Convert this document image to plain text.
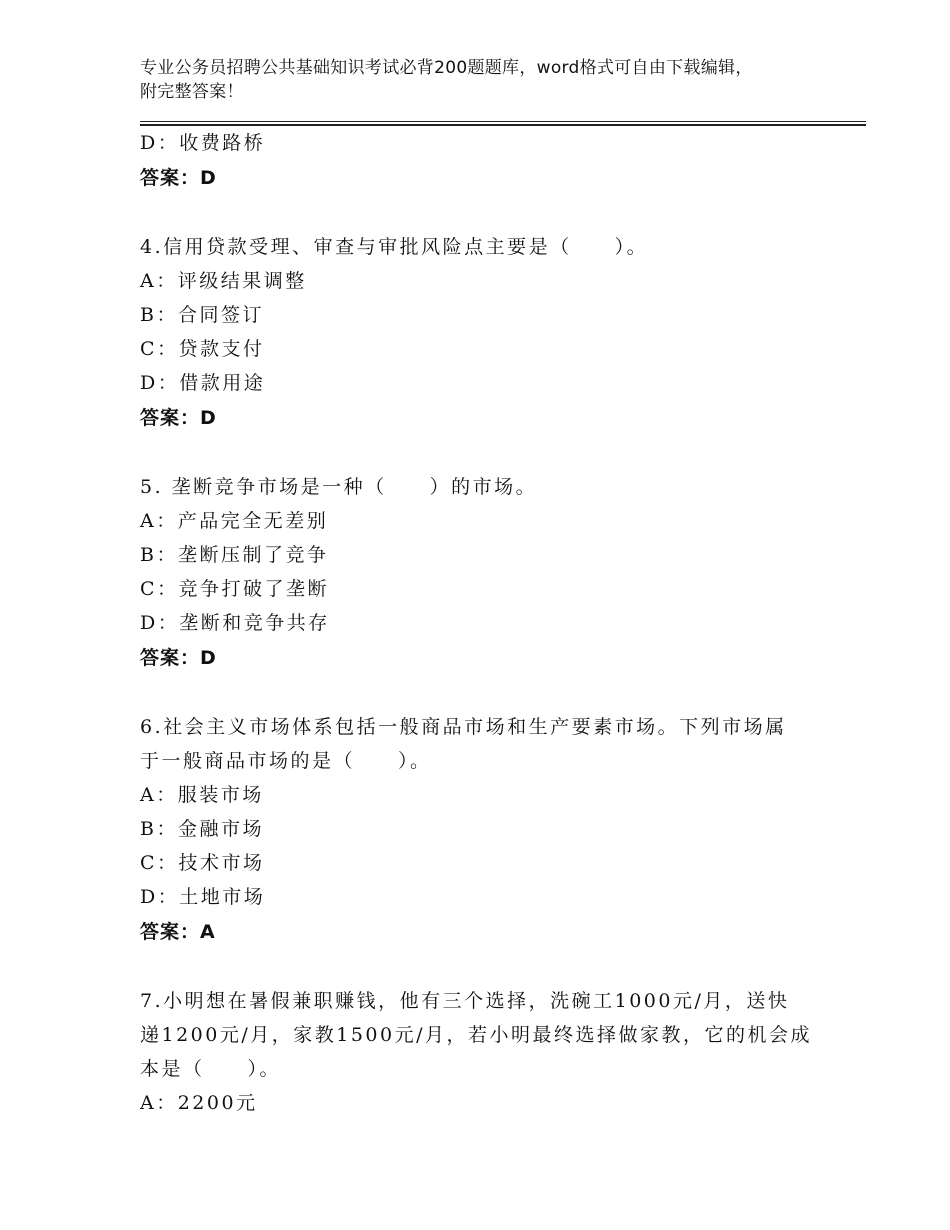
专业公务员招聘公共基础知识考试必背200题题库，word格式可自由下载编辑，
附完整答案！
D：收费路桥
答案：D
4.信用贷款受理、审查与审批风险点主要是（　　）。
A：评级结果调整
B：合同签订
C：贷款支付
D：借款用途
答案：D
5. 垄断竞争市场是一种（　　）的市场。
A：产品完全无差别
B：垄断压制了竞争
C：竞争打破了垄断
D：垄断和竞争共存
答案：D
6.社会主义市场体系包括一般商品市场和生产要素市场。下列市场属
于一般商品市场的是（　　）。
A：服装市场
B：金融市场
C：技术市场
D：土地市场
答案：A
7.小明想在暑假兼职赚钱，他有三个选择，洗碗工1000元/月，送快
递1200元/月，家教1500元/月，若小明最终选择做家教，它的机会成
本是（　　）。
A：2200元
